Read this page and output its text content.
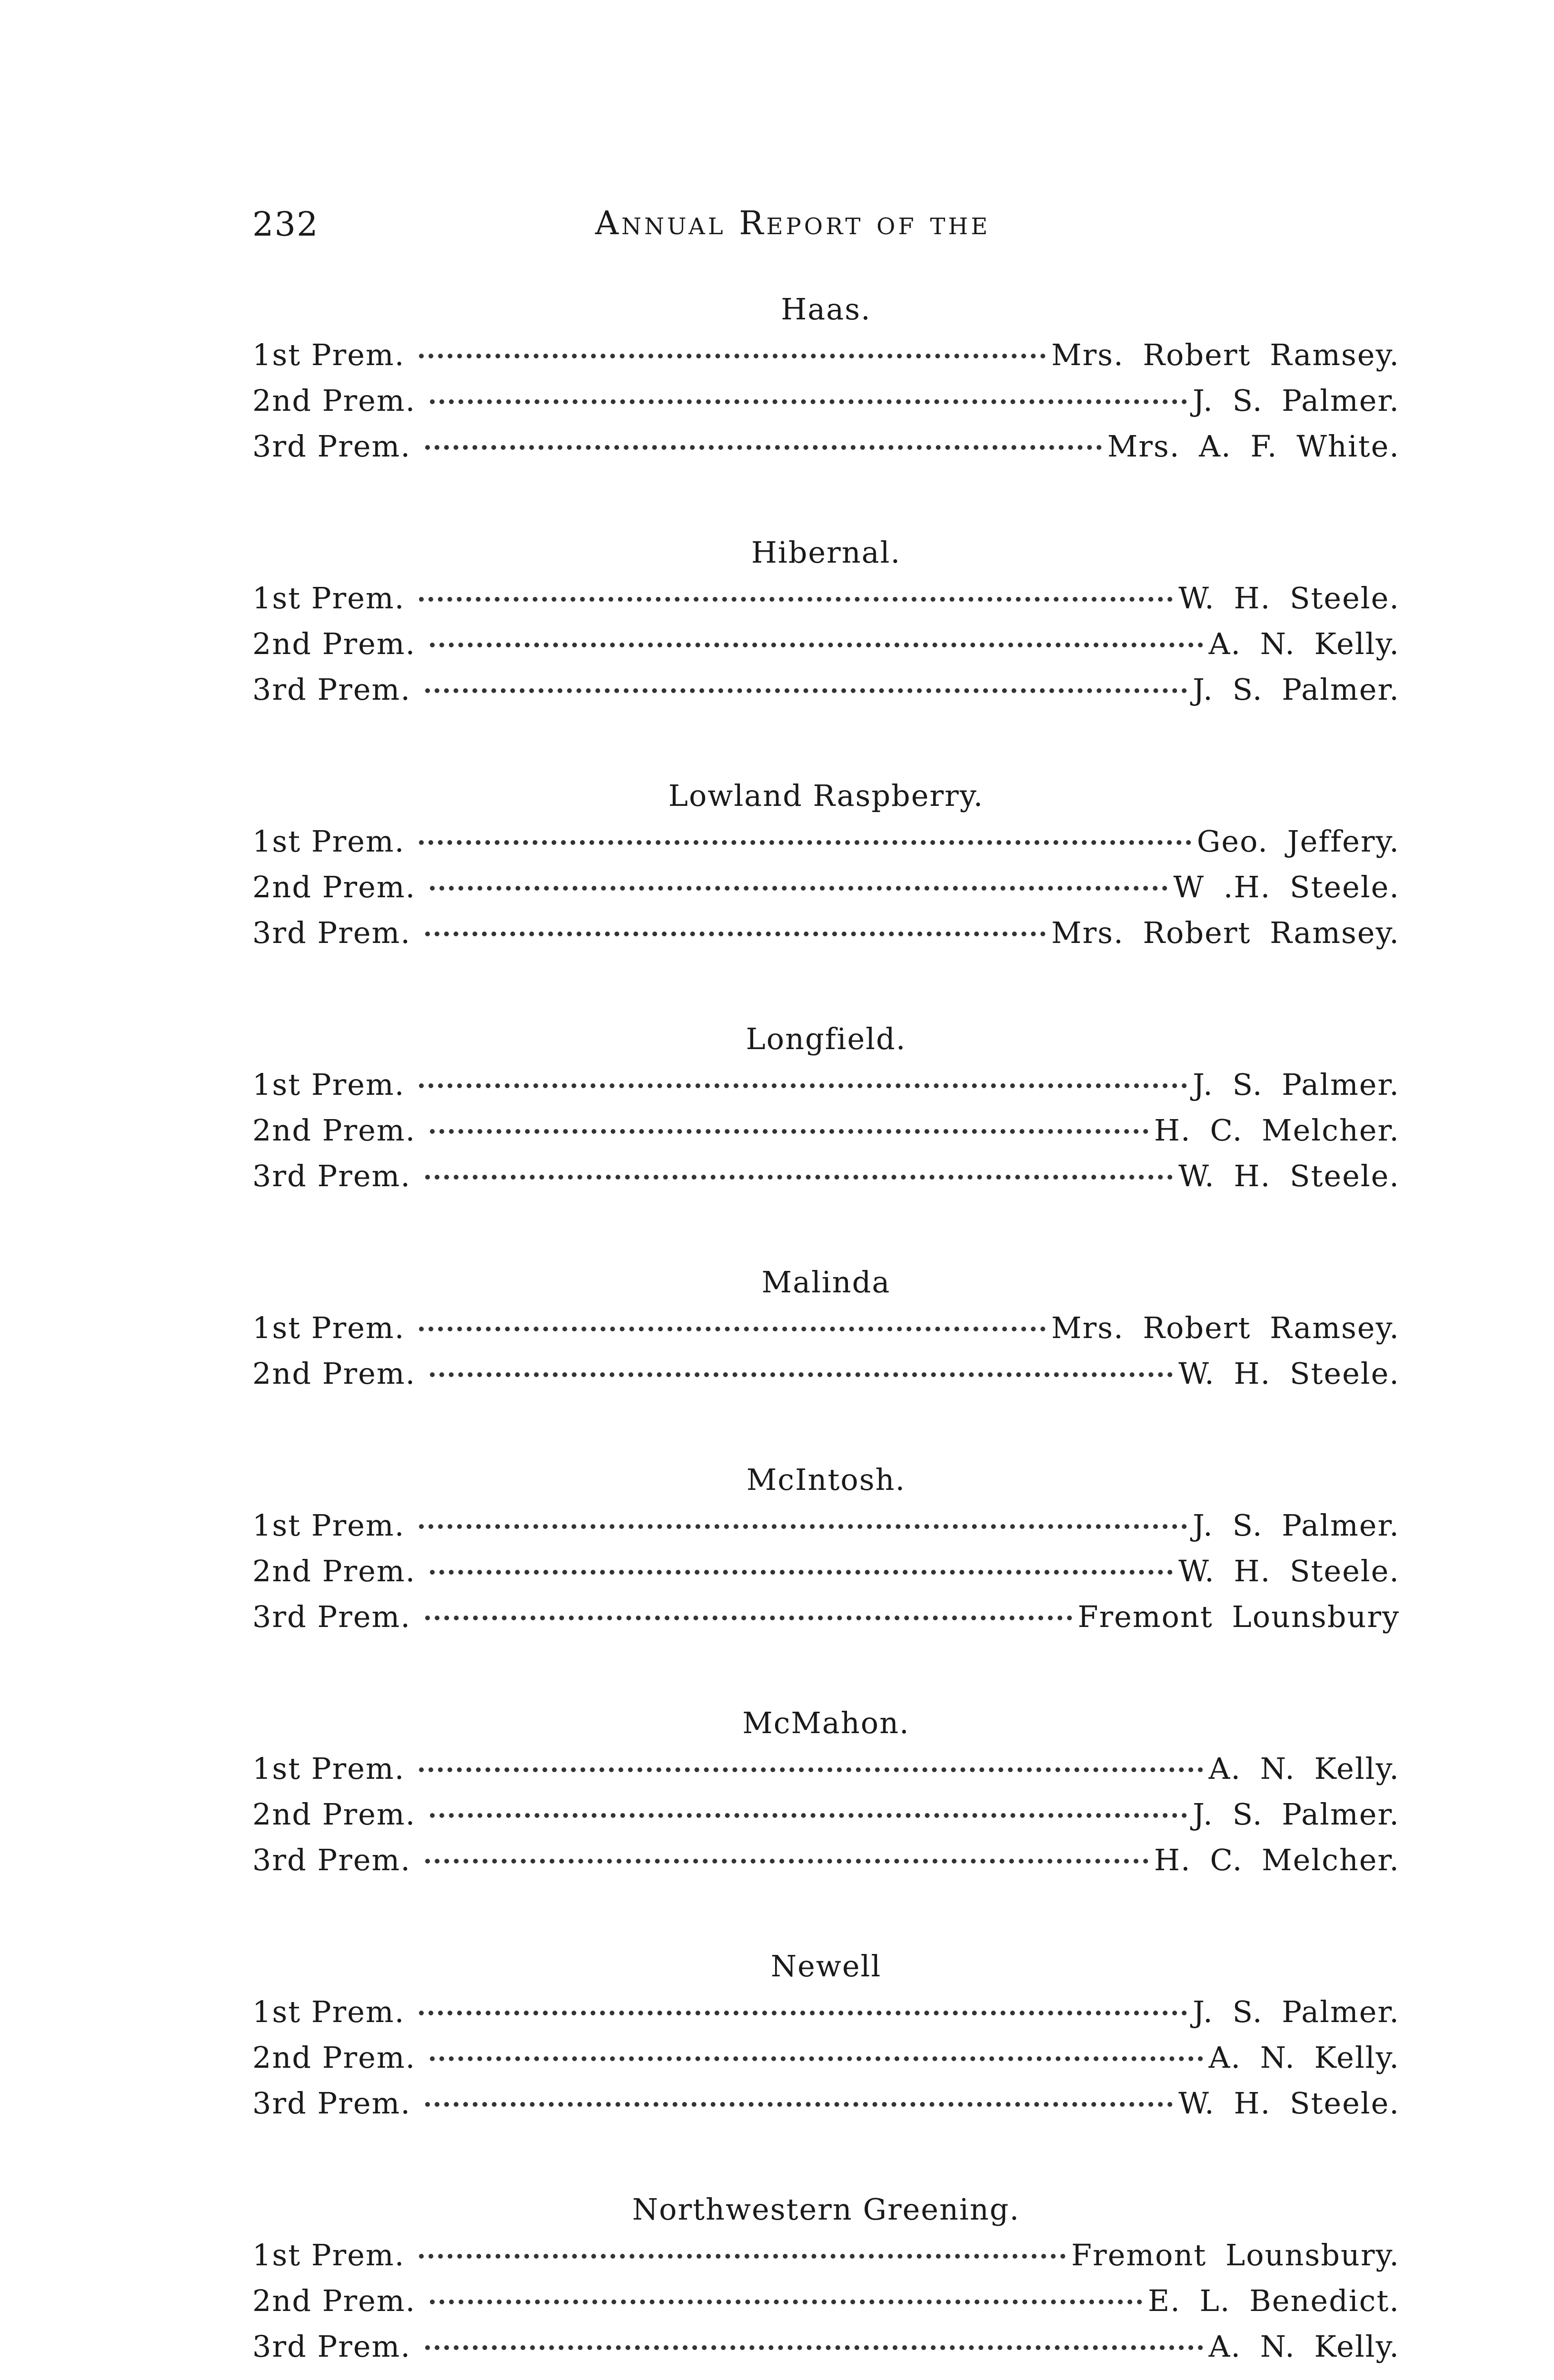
232	Annual Report of the
Haas.
1st Prem.	Mrs. Robert Ramsey.
2nd Prem.	J. S. Palmer.
3rd Prem.	Mrs. A. F. White.
Hibernal.
1st Prem.	W. H. Steele.
2nd Prem.	A. N. Kelly.
3rd Prem.	J. S. Palmer.
Lowland Raspberry.
1st Prem.	Geo. Jeffery.
2nd Prem.	W .H. Steele.
3rd Prem.	Mrs. Robert Ramsey.
Longfield.
1st Prem.	J. S. Palmer.
2nd Prem.	H. C. Melcher.
3rd Prem.	W. H. Steele.
Malinda
1st Prem.	Mrs. Robert Ramsey.
2nd Prem.	W. H. Steele.
McIntosh.
1st Prem.	J. S. Palmer.
2nd Prem.	W. H. Steele.
3rd Prem.	Fremont Lounsbury
McMahon.
1st Prem.	A. N. Kelly.
2nd Prem.	J. S. Palmer.
3rd Prem.	H. C. Melcher.
Newell
1st Prem.	J. S. Palmer.
2nd Prem.	A. N. Kelly.
3rd Prem.	W. H. Steele.
Northwestern Greening.
1st Prem.	Fremont Lounsbury.
2nd Prem.	E. L. Benedict.
3rd Prem.	A. N. Kelly.
